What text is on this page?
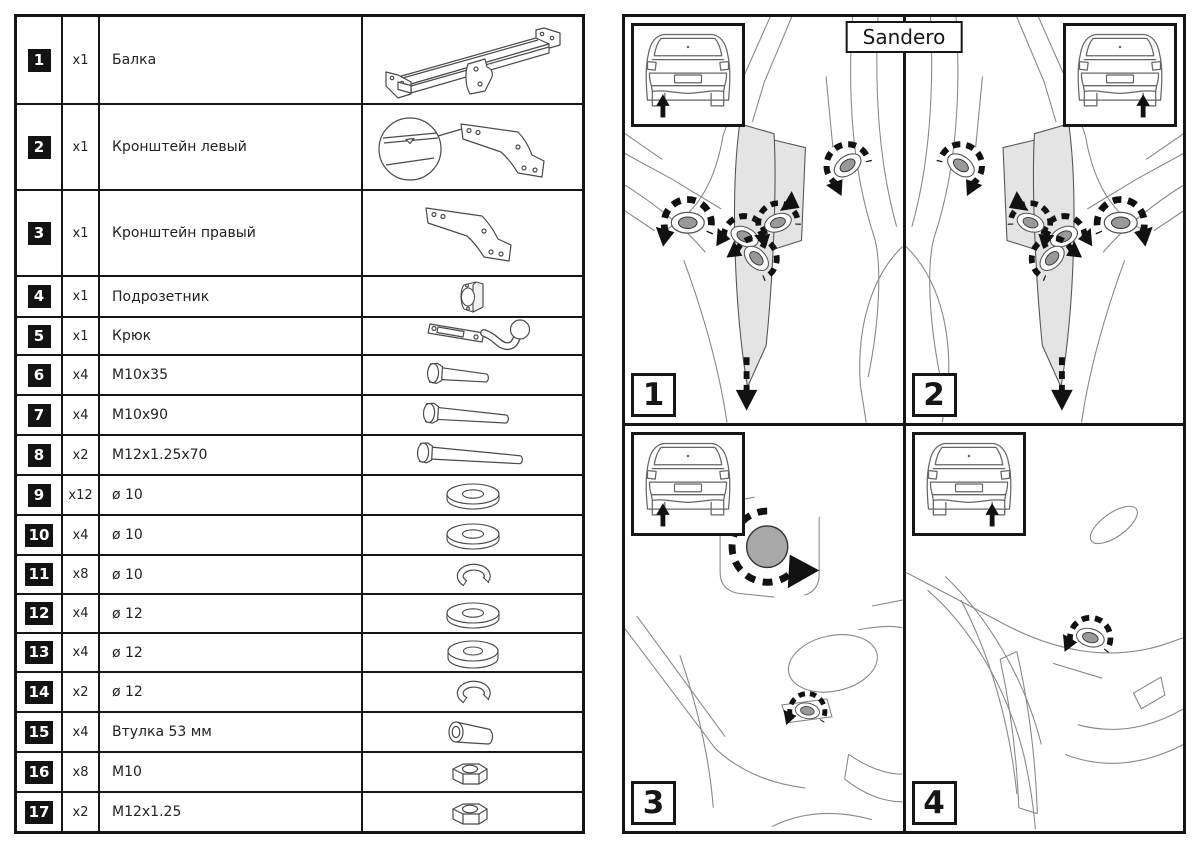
1	x1	Балка
2	x1	Кронштейн левый
3	x1	Кронштейн правый
4	x1	Подрозетник
5	x1	Крюк
6	x4	M10x35
7	x4	M10x90
8	x2	M12x1.25x70
9	x12	ø 10
10	x4	ø 10
11	x8	ø 10
12	x4	ø 12
13	x4	ø 12
14	x2	ø 12
15	x4	Втулка 53 мм
16	x8	M10
17	x2	M12x1.25
1	2
3	4
Sandero
